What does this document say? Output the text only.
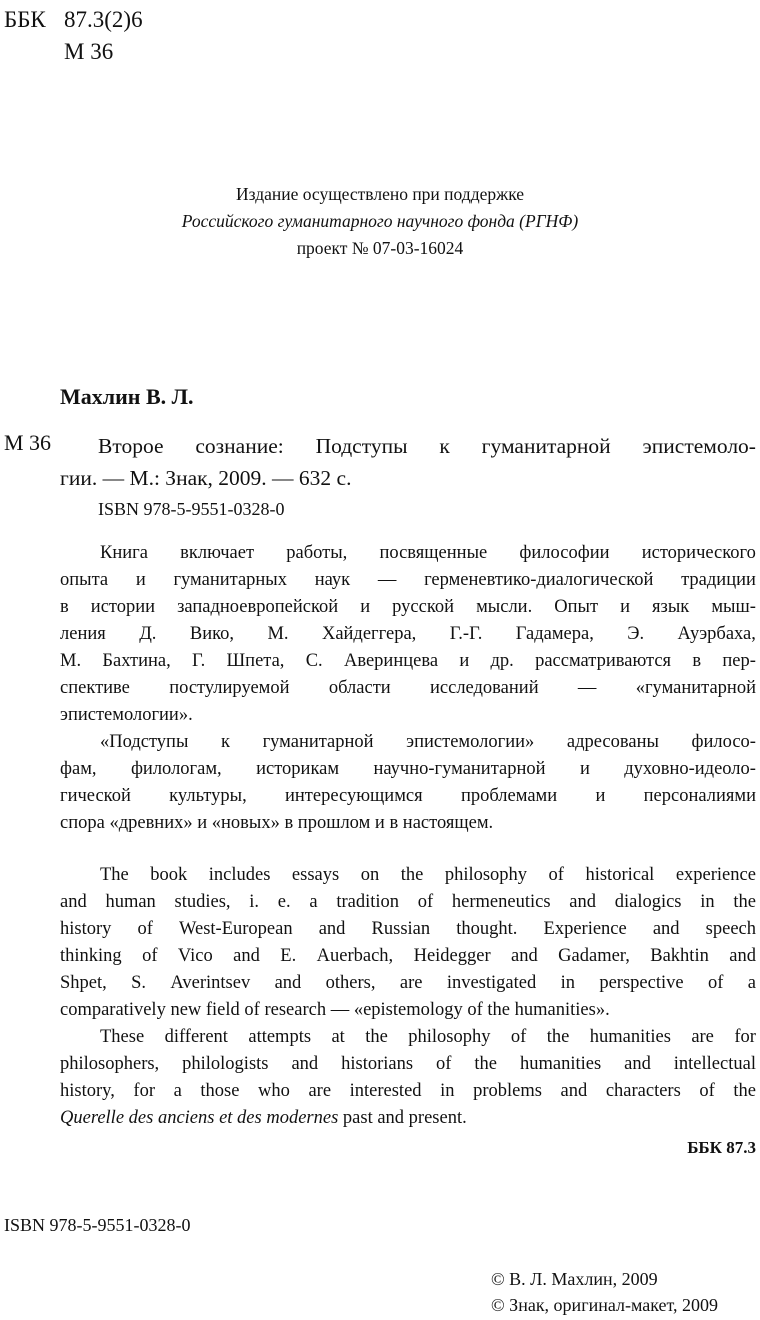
ББК 87.3(2)6
М 36
Издание осуществлено при поддержке
Российского гуманитарного научного фонда (РГНФ)
проект № 07-03-16024
Махлин В. Л.
М 36 Второе сознание: Подступы к гуманитарной эпистемоло-
гии. — М.: Знак, 2009. — 632 с.
ISBN 978-5-9551-0328-0
Книга включает работы, посвященные философии исторического
опыта и гуманитарных наук — герменевтико-диалогической традиции
в истории западноевропейской и русской мысли. Опыт и язык мыш-
ления Д. Вико, М. Хайдеггера, Г.-Г. Гадамера, Э. Ауэрбаха,
М. Бахтина, Г. Шпета, С. Аверинцева и др. рассматриваются в пер-
спективе постулируемой области исследований — «гуманитарной
эпистемологии».
«Подступы к гуманитарной эпистемологии» адресованы филосо-
фам, филологам, историкам научно-гуманитарной и духовно-идеоло-
гической культуры, интересующимся проблемами и персоналиями
спора «древних» и «новых» в прошлом и в настоящем.
The book includes essays on the philosophy of historical experience
and human studies, i. e. a tradition of hermeneutics and dialogics in the
history of West-European and Russian thought. Experience and speech
thinking of Vico and E. Auerbach, Heidegger and Gadamer, Bakhtin and
Shpet, S. Averintsev and others, are investigated in perspective of a
comparatively new field of research — «epistemology of the humanities».
These different attempts at the philosophy of the humanities are for
philosophers, philologists and historians of the humanities and intellectual
history, for a those who are interested in problems and characters of the
Querelle des anciens et des modernes past and present.
ББК 87.3
ISBN 978-5-9551-0328-0
© В. Л. Махлин, 2009
© Знак, оригинал-макет, 2009
